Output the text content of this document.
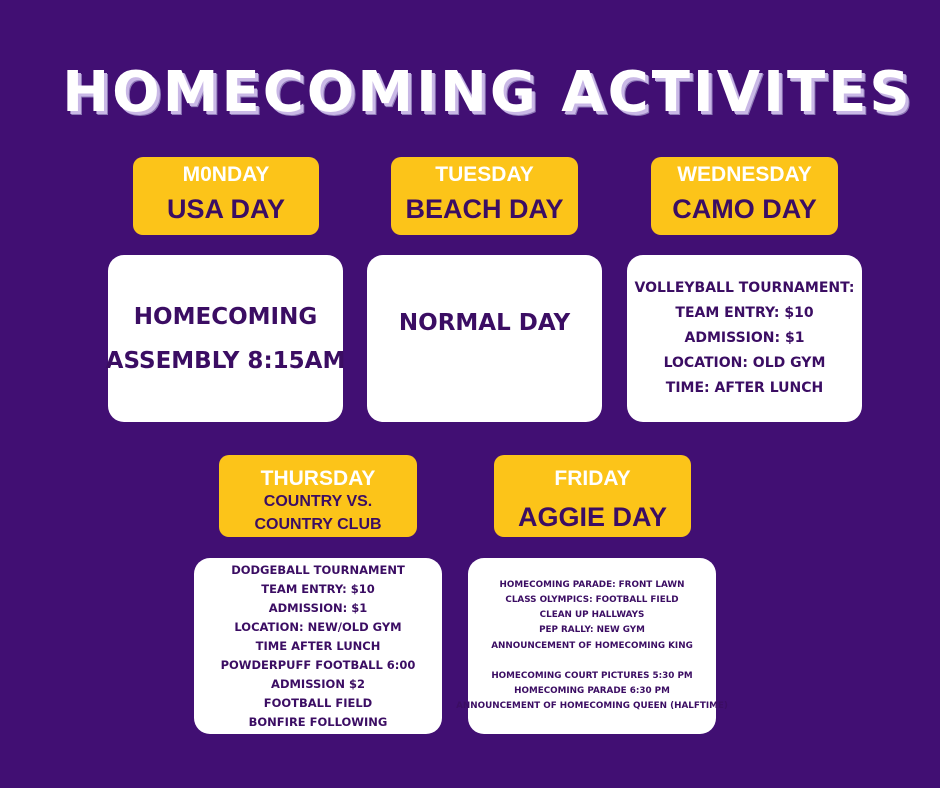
HOMECOMING ACTIVITES
M0NDAY
USA DAY
HOMECOMING
ASSEMBLY 8:15AM
TUESDAY
BEACH DAY
NORMAL DAY
WEDNESDAY
CAMO DAY
VOLLEYBALL TOURNAMENT:
TEAM ENTRY: $10
ADMISSION: $1
LOCATION: OLD GYM
TIME: AFTER LUNCH
THURSDAY
COUNTRY VS.
COUNTRY CLUB
DODGEBALL TOURNAMENT
TEAM ENTRY: $10
ADMISSION: $1
LOCATION: NEW/OLD GYM
TIME AFTER LUNCH
POWDERPUFF FOOTBALL 6:00
ADMISSION $2
FOOTBALL FIELD
BONFIRE FOLLOWING
FRIDAY
AGGIE DAY
HOMECOMING PARADE: FRONT LAWN
CLASS OLYMPICS: FOOTBALL FIELD
CLEAN UP HALLWAYS
PEP RALLY: NEW GYM
ANNOUNCEMENT OF HOMECOMING KING
HOMECOMING COURT PICTURES 5:30 PM
HOMECOMING PARADE 6:30 PM
ANNOUNCEMENT OF HOMECOMING QUEEN (HALFTIME)
